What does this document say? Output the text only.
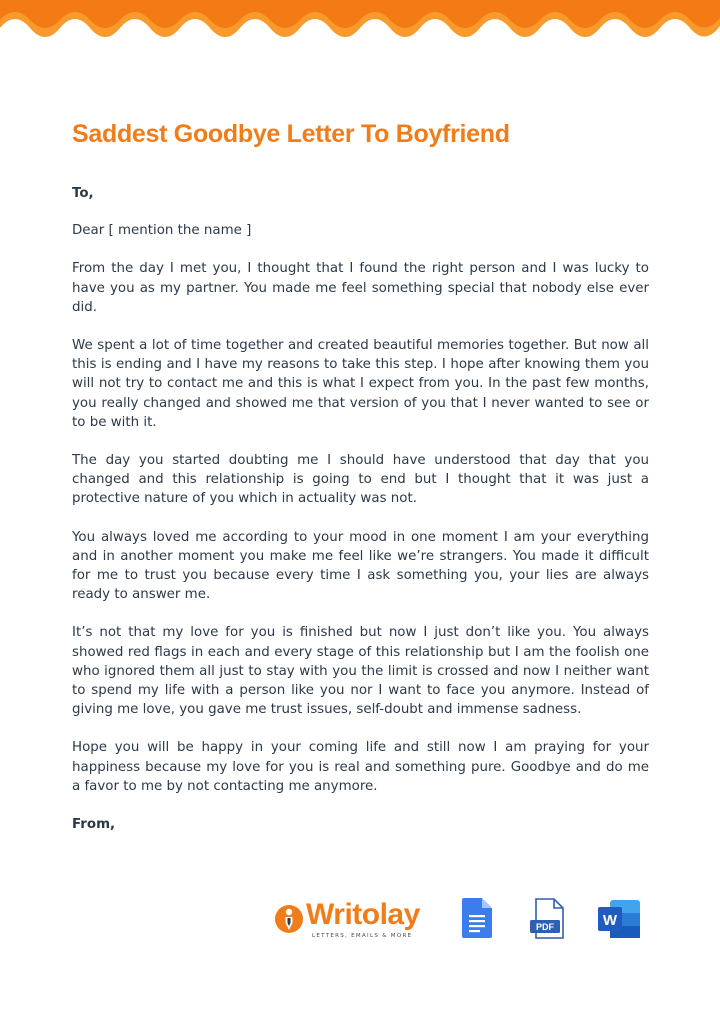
Saddest Goodbye Letter To Boyfriend

To,

Dear [ mention the name ]

From the day I met you, I thought that I found the right person and I was lucky to have you as my partner. You made me feel something special that nobody else ever did.

We spent a lot of time together and created beautiful memories together. But now all this is ending and I have my reasons to take this step. I hope after knowing them you will not try to contact me and this is what I expect from you. In the past few months, you really changed and showed me that version of you that I never wanted to see or to be with it.

The day you started doubting me I should have understood that day that you changed and this relationship is going to end but I thought that it was just a protective nature of you which in actuality was not.

You always loved me according to your mood in one moment I am your everything and in another moment you make me feel like we’re strangers. You made it difficult for me to trust you because every time I ask something you, your lies are always ready to answer me.

It’s not that my love for you is finished but now I just don’t like you. You always showed red flags in each and every stage of this relationship but I am the foolish one who ignored them all just to stay with you the limit is crossed and now I neither want to spend my life with a person like you nor I want to face you anymore. Instead of giving me love, you gave me trust issues, self-doubt and immense sadness.

Hope you will be happy in your coming life and still now I am praying for your happiness because my love for you is real and something pure. Goodbye and do me a favor to me by not contacting me anymore.

From,

Writolay
LETTERS, EMAILS & MORE
PDF	W
